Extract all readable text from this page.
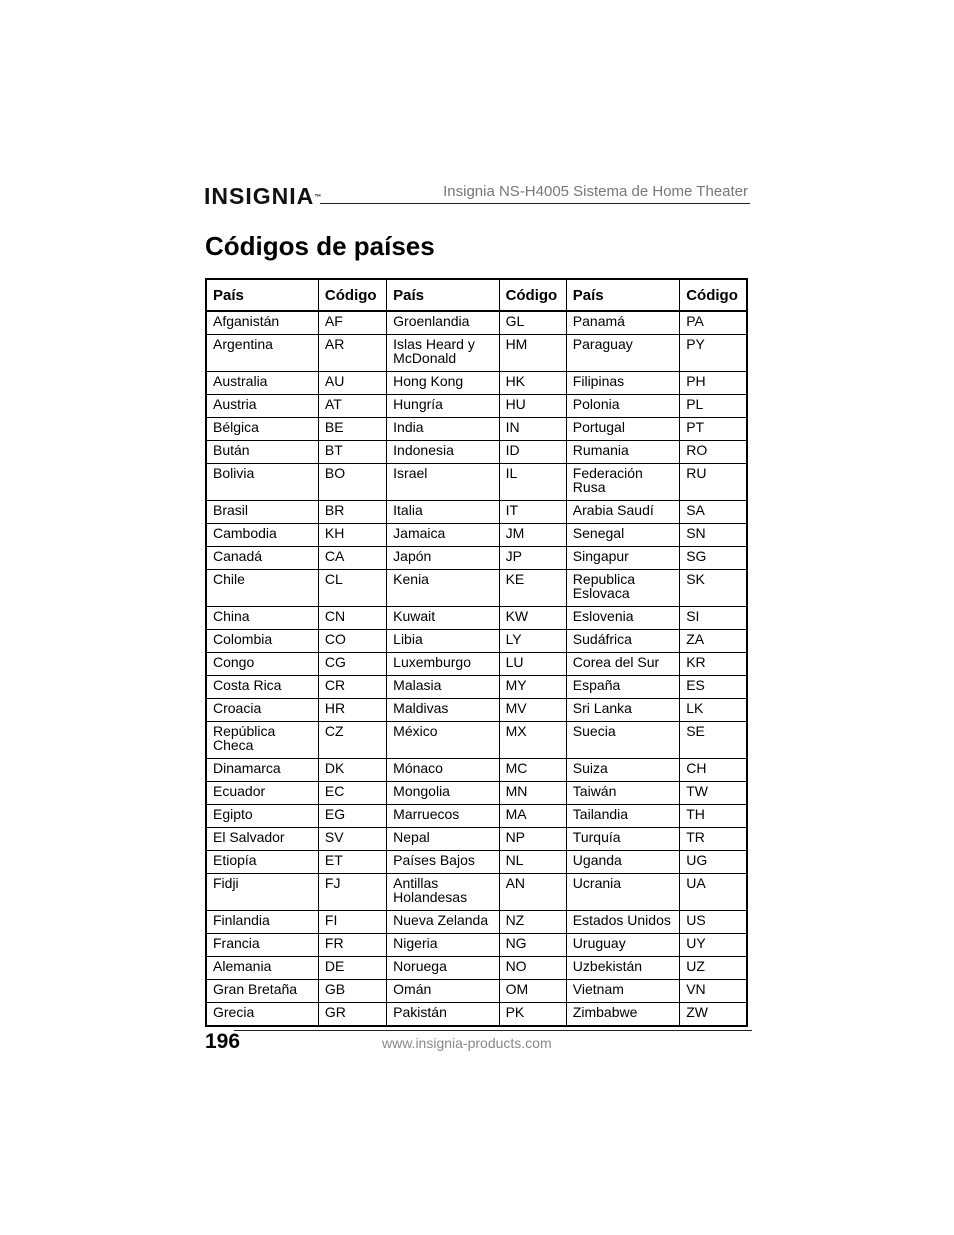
INSIGNIA™	Insignia NS-H4005 Sistema de Home Theater
Códigos de países
País	Código	País	Código	País	Código
Afganistán	AF	Groenlandia	GL	Panamá	PA
Argentina	AR	Islas Heard y McDonald	HM	Paraguay	PY
Australia	AU	Hong Kong	HK	Filipinas	PH
Austria	AT	Hungría	HU	Polonia	PL
Bélgica	BE	India	IN	Portugal	PT
Bután	BT	Indonesia	ID	Rumania	RO
Bolivia	BO	Israel	IL	Federación Rusa	RU
Brasil	BR	Italia	IT	Arabia Saudí	SA
Cambodia	KH	Jamaica	JM	Senegal	SN
Canadá	CA	Japón	JP	Singapur	SG
Chile	CL	Kenia	KE	Republica Eslovaca	SK
China	CN	Kuwait	KW	Eslovenia	SI
Colombia	CO	Libia	LY	Sudáfrica	ZA
Congo	CG	Luxemburgo	LU	Corea del Sur	KR
Costa Rica	CR	Malasia	MY	España	ES
Croacia	HR	Maldivas	MV	Sri Lanka	LK
República Checa	CZ	México	MX	Suecia	SE
Dinamarca	DK	Mónaco	MC	Suiza	CH
Ecuador	EC	Mongolia	MN	Taiwán	TW
Egipto	EG	Marruecos	MA	Tailandia	TH
El Salvador	SV	Nepal	NP	Turquía	TR
Etiopía	ET	Países Bajos	NL	Uganda	UG
Fidji	FJ	Antillas Holandesas	AN	Ucrania	UA
Finlandia	FI	Nueva Zelanda	NZ	Estados Unidos	US
Francia	FR	Nigeria	NG	Uruguay	UY
Alemania	DE	Noruega	NO	Uzbekistán	UZ
Gran Bretaña	GB	Omán	OM	Vietnam	VN
Grecia	GR	Pakistán	PK	Zimbabwe	ZW
196	www.insignia-products.com
